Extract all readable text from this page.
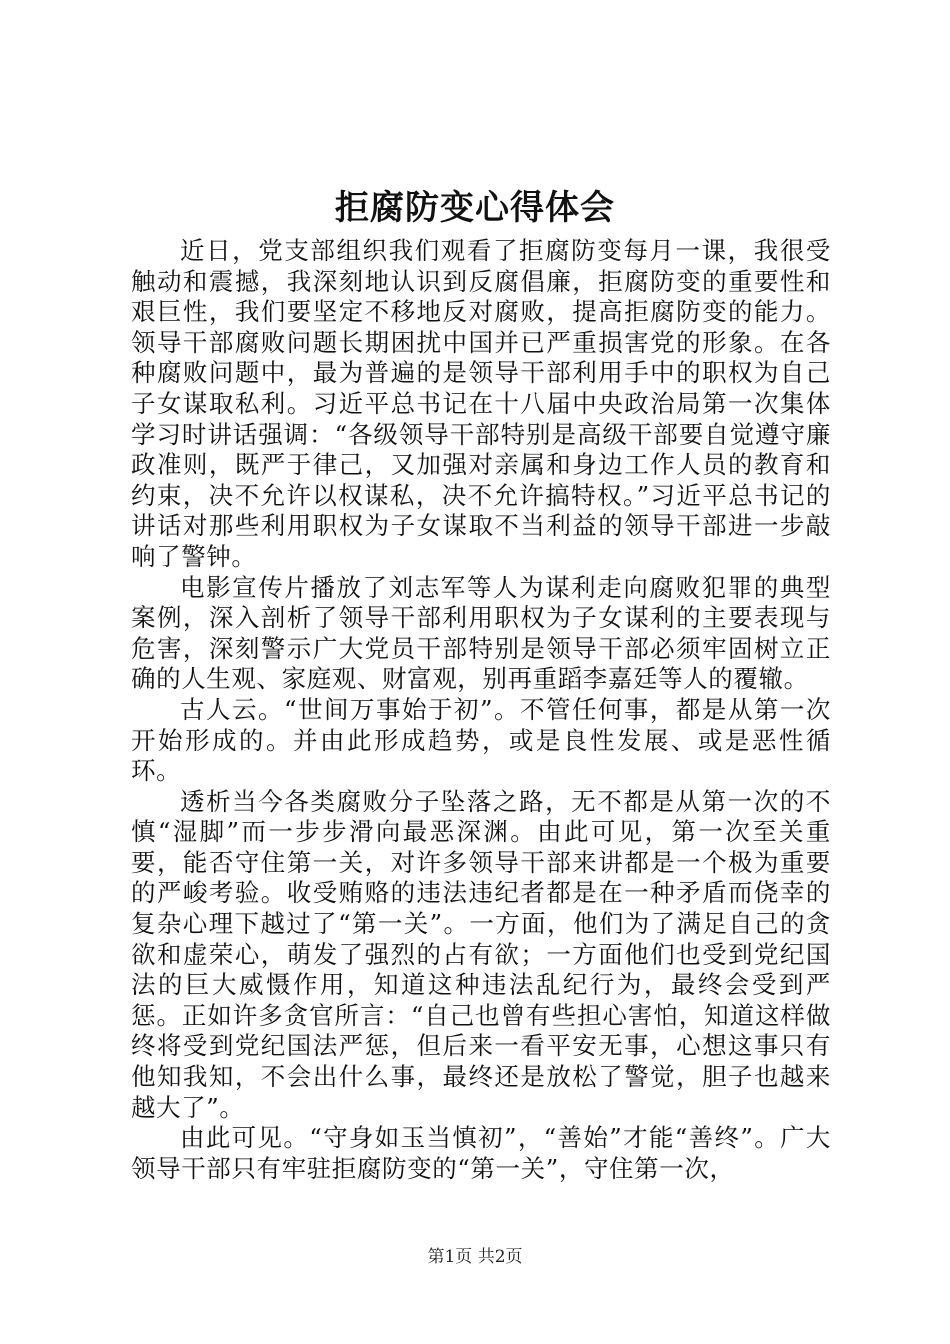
拒腐防变心得体会

近日，党支部组织我们观看了拒腐防变每月一课，我很受触动和震撼，我深刻地认识到反腐倡廉，拒腐防变的重要性和艰巨性，我们要坚定不移地反对腐败，提高拒腐防变的能力。领导干部腐败问题长期困扰中国并已严重损害党的形象。在各种腐败问题中，最为普遍的是领导干部利用手中的职权为自己子女谋取私利。习近平总书记在十八届中央政治局第一次集体学习时讲话强调：“各级领导干部特别是高级干部要自觉遵守廉政准则，既严于律己，又加强对亲属和身边工作人员的教育和约束，决不允许以权谋私，决不允许搞特权。”习近平总书记的讲话对那些利用职权为子女谋取不当利益的领导干部进一步敲响了警钟。

电影宣传片播放了刘志军等人为谋利走向腐败犯罪的典型案例，深入剖析了领导干部利用职权为子女谋利的主要表现与危害，深刻警示广大党员干部特别是领导干部必须牢固树立正确的人生观、家庭观、财富观，别再重蹈李嘉廷等人的覆辙。

古人云。“世间万事始于初”。不管任何事，都是从第一次开始形成的。并由此形成趋势，或是良性发展、或是恶性循环。

透析当今各类腐败分子坠落之路，无不都是从第一次的不慎“湿脚”而一步步滑向最恶深渊。由此可见，第一次至关重要，能否守住第一关，对许多领导干部来讲都是一个极为重要的严峻考验。收受贿赂的违法违纪者都是在一种矛盾而侥幸的复杂心理下越过了“第一关”。一方面，他们为了满足自己的贪欲和虚荣心，萌发了强烈的占有欲；一方面他们也受到党纪国法的巨大威慑作用，知道这种违法乱纪行为，最终会受到严惩。正如许多贪官所言：“自己也曾有些担心害怕，知道这样做终将受到党纪国法严惩，但后来一看平安无事，心想这事只有他知我知，不会出什么事，最终还是放松了警觉，胆子也越来越大了”。

由此可见。“守身如玉当慎初”，“善始”才能“善终”。广大领导干部只有牢驻拒腐防变的“第一关”，守住第一次，

第1页 共2页
